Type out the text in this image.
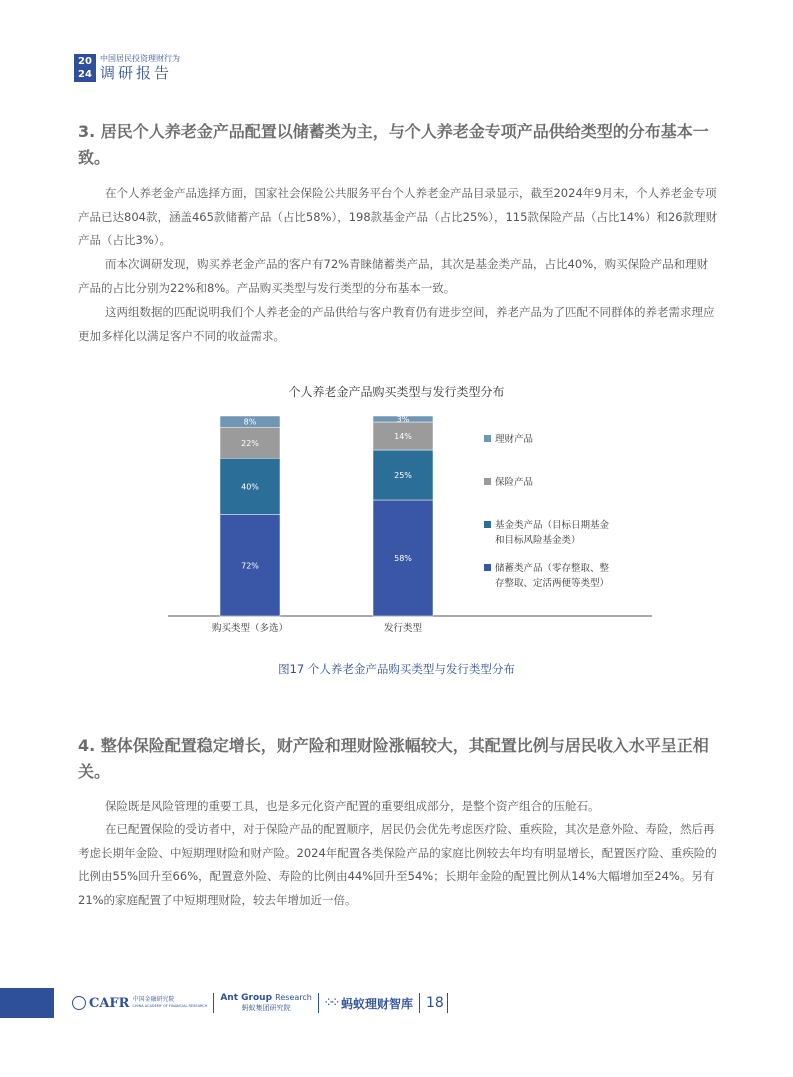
20
24
中国居民投资理财行为
调研报告
3. 居民个人养老金产品配置以储蓄类为主，与个人养老金专项产品供给类型的分布基本一致。

在个人养老金产品选择方面，国家社会保险公共服务平台个人养老金产品目录显示，截至2024年9月末，个人养老金专项产品已达804款，涵盖465款储蓄产品（占比58%），198款基金产品（占比25%），115款保险产品（占比14%）和26款理财产品（占比3%）。

而本次调研发现，购买养老金产品的客户有72%青睐储蓄类产品，其次是基金类产品，占比40%，购买保险产品和理财产品的占比分别为22%和8%。产品购买类型与发行类型的分布基本一致。

这两组数据的匹配说明我们个人养老金的产品供给与客户教育仍有进步空间，养老产品为了匹配不同群体的养老需求理应更加多样化以满足客户不同的收益需求。

个人养老金产品购买类型与发行类型分布
72%
40%
22%
8%
购买类型（多选）
58%
25%
14%
3%
发行类型
理财产品
保险产品
基金类产品（目标日期基金
和目标风险基金类）
储蓄类产品（零存整取、整
存整取、定活两便等类型）
图17 个人养老金产品购买类型与发行类型分布
4. 整体保险配置稳定增长，财产险和理财险涨幅较大，其配置比例与居民收入水平呈正相关。

保险既是风险管理的重要工具，也是多元化资产配置的重要组成部分，是整个资产组合的压舱石。

在已配置保险的受访者中，对于保险产品的配置顺序，居民仍会优先考虑医疗险、重疾险，其次是意外险、寿险，然后再考虑长期年金险、中短期理财险和财产险。2024年配置各类保险产品的家庭比例较去年均有明显增长，配置医疗险、重疾险的比例由55%回升至66%，配置意外险、寿险的比例由44%回升至54%；长期年金险的配置比例从14%大幅增加至24%。另有21%的家庭配置了中短期理财险，较去年增加近一倍。

CAFR 中国金融研究院
CHINA ACADEMY OF FINANCIAL RESEARCH
Ant Group Research
蚂蚁集团研究院	⁘⁘ 蚂蚁理财智库 18
